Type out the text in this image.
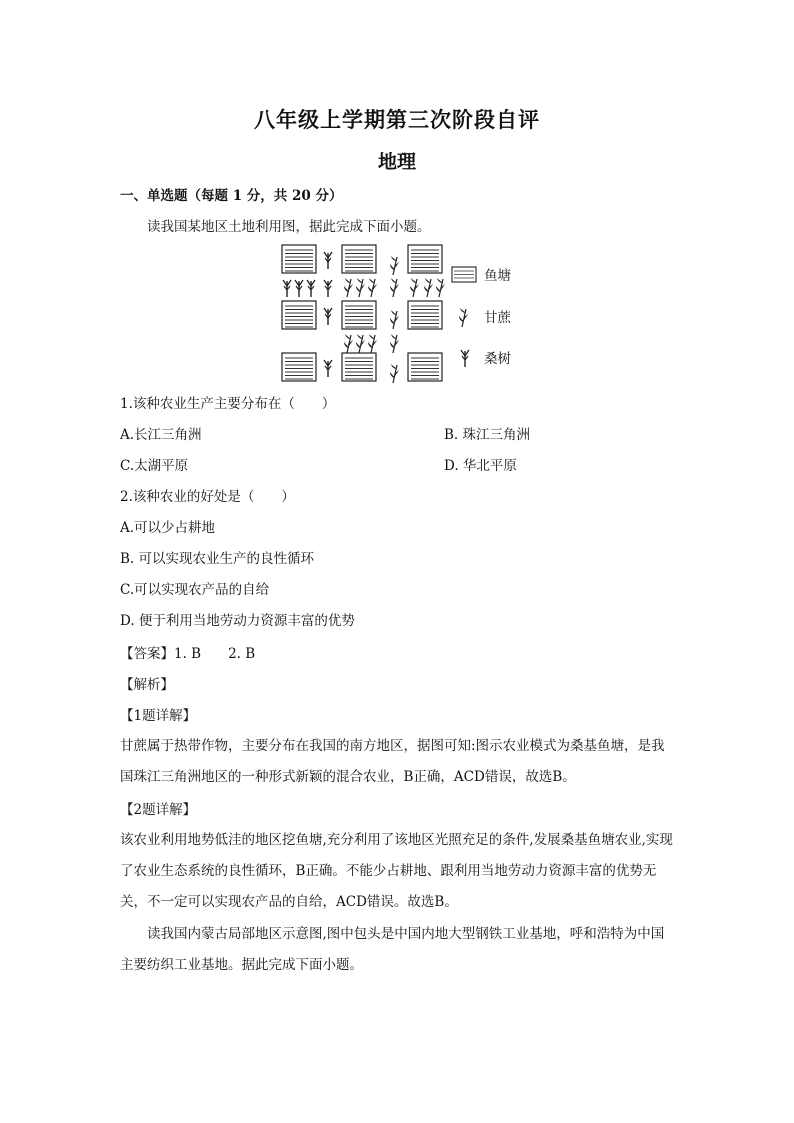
八年级上学期第三次阶段自评
地理
一、单选题（每题 1 分，共 20 分）
读我国某地区土地利用图，据此完成下面小题。
鱼塘
甘蔗
桑树
1.该种农业生产主要分布在（　　）
A.长江三角洲	B. 珠江三角洲
C.太湖平原	D. 华北平原
2.该种农业的好处是（　　）
A.可以少占耕地
B. 可以实现农业生产的良性循环
C.可以实现农产品的自给
D. 便于利用当地劳动力资源丰富的优势
【答案】1. B　　2. B
【解析】
【1题详解】
甘蔗属于热带作物，主要分布在我国的南方地区，据图可知:图示农业模式为桑基鱼塘，是我国珠江三角洲地区的一种形式新颖的混合农业，B正确，ACD错误，故选B。
【2题详解】
该农业利用地势低洼的地区挖鱼塘,充分利用了该地区光照充足的条件,发展桑基鱼塘农业,实现了农业生态系统的良性循环，B正确。不能少占耕地、跟利用当地劳动力资源丰富的优势无关，不一定可以实现农产品的自给，ACD错误。故选B。
读我国内蒙古局部地区示意图,图中包头是中国内地大型钢铁工业基地，呼和浩特为中国主要纺织工业基地。据此完成下面小题。
